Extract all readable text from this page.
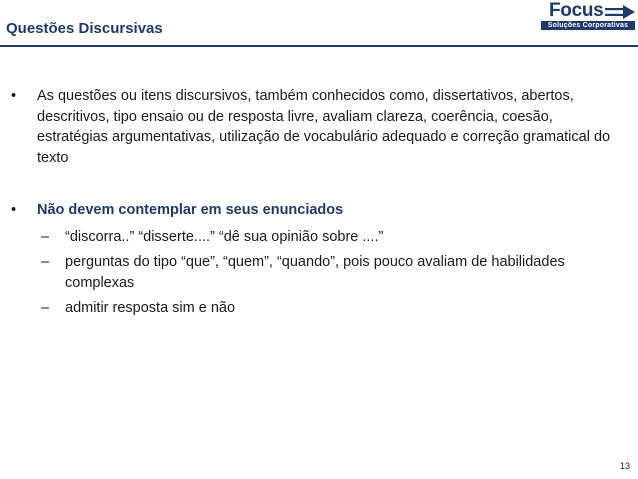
Questões Discursivas
Focus
Soluções Corporativas
• As questões ou itens discursivos, também conhecidos como, dissertativos, abertos, descritivos, tipo ensaio ou de resposta livre, avaliam clareza, coerência, coesão, estratégias argumentativas, utilização de vocabulário adequado e correção gramatical do texto
• Não devem contemplar em seus enunciados
– “discorra..” “disserte....” “dê sua opinião sobre ....”
– perguntas do tipo “que”, “quem”, “quando”, pois pouco avaliam de habilidades complexas
– admitir resposta sim e não
13
